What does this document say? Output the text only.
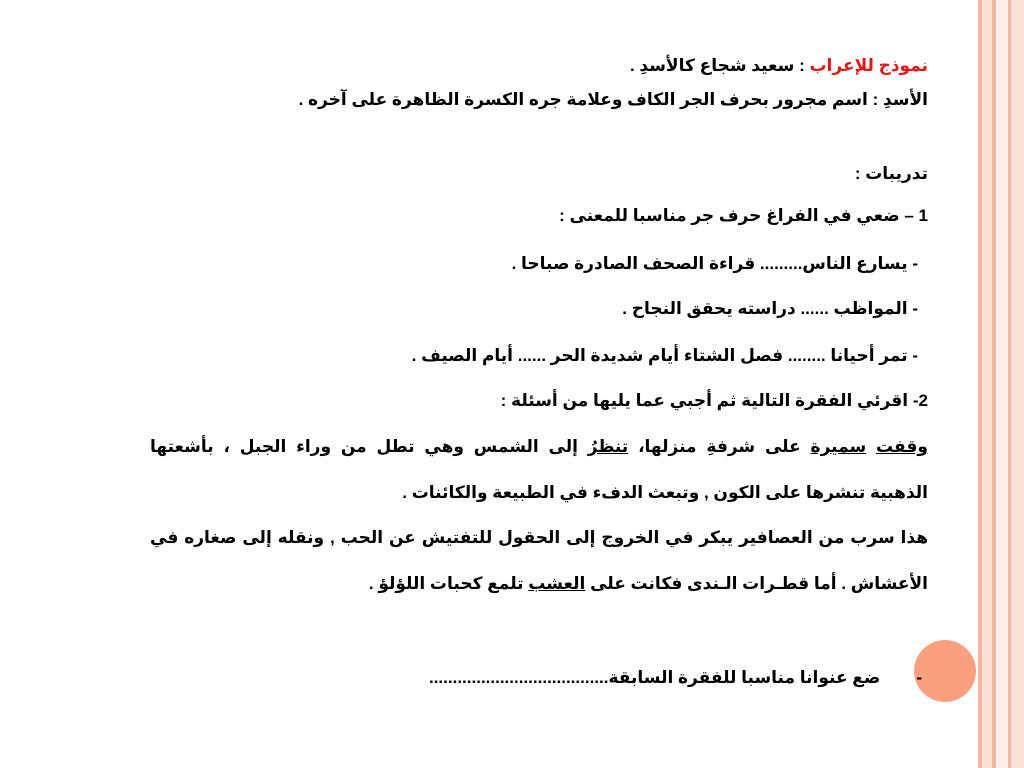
نموذج للإعراب : سعيد شجاع كالأسدِ .
الأسدِ : اسم مجرور بحرف الجر الكاف وعلامة جره الكسرة الظاهرة على آخره .
تدريبات :
1 – ضعي في الفراغ حرف جر مناسبا للمعنى :
- يسارع الناس......... قراءة الصحف الصادرة صباحا .
- المواظب ...... دراسته يحقق النجاح .
- تمر أحيانا ........ فصل الشتاء أيام شديدة الحر ...... أيام الصيف .
2- اقرئي الفقرة التالية ثم أجبي عما يليها من أسئلة :
وقفت سميرة على شرفةِ منزلها، تنظرُ إلى الشمس وهي تطل من وراء الجبل ، بأشعتها
الذهبية تنشرها على الكون , وتبعث الدفء في الطبيعة والكائنات .
هذا سرب من العصافير يبكر في الخروج إلى الحقول للتفتيش عن الحب , ونقله إلى صغاره في
الأعشاش . أما قطـرات الـندى فكانت على العشب تلمع كحبات اللؤلؤ .
-ضع عنوانا مناسبا للفقرة السابقة......................................
